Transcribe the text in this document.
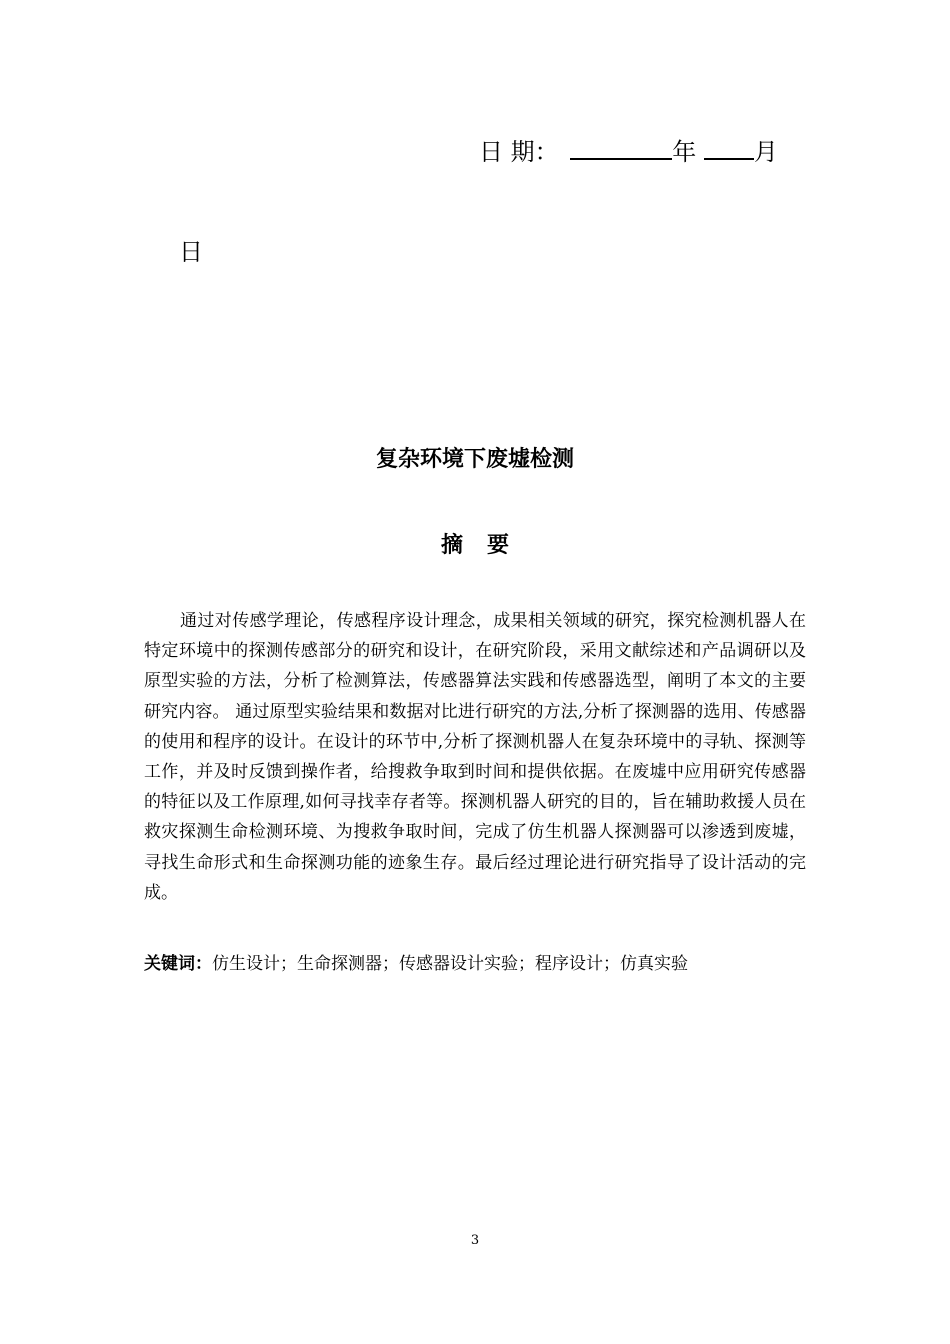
日 期：	年 月
日
复杂环境下废墟检测
摘要
通过对传感学理论，传感程序设计理念，成果相关领域的研究，探究检测机器人在特定环境中的探测传感部分的研究和设计，在研究阶段，采用文献综述和产品调研以及原型实验的方法，分析了检测算法，传感器算法实践和传感器选型，阐明了本文的主要研究内容。 通过原型实验结果和数据对比进行研究的方法,分析了探测器的选用、传感器的使用和程序的设计。在设计的环节中,分析了探测机器人在复杂环境中的寻轨、探测等工作，并及时反馈到操作者，给搜救争取到时间和提供依据。在废墟中应用研究传感器的特征以及工作原理,如何寻找幸存者等。探测机器人研究的目的，旨在辅助救援人员在救灾探测生命检测环境、为搜救争取时间，完成了仿生机器人探测器可以渗透到废墟，寻找生命形式和生命探测功能的迹象生存。最后经过理论进行研究指导了设计活动的完成。
关键词：仿生设计；生命探测器；传感器设计实验；程序设计；仿真实验
3
